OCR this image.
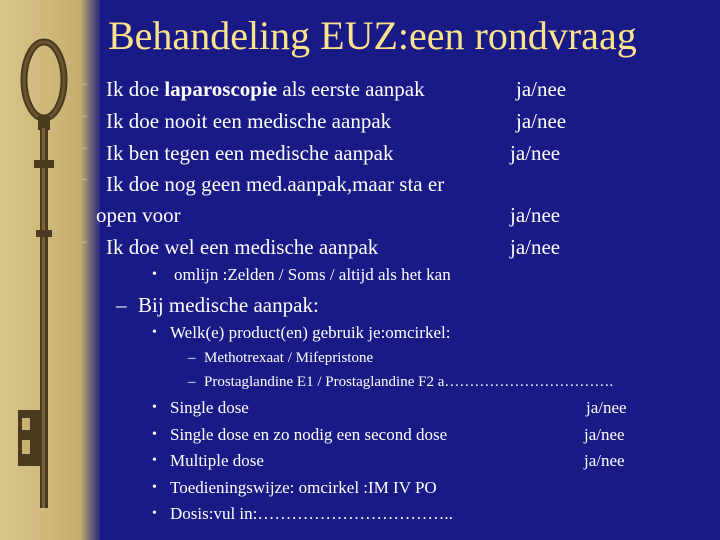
Behandeling EUZ:een rondvraag
¨ Ik doe laparoscopie als eerste aanpak	ja/nee
¨ Ik doe nooit een medische aanpak	ja/nee
¨ Ik ben tegen een medische aanpak	ja/nee
¨ Ik doe nog geen med.aanpak,maar sta er
open voor	ja/nee
¨ Ik doe wel een medische aanpak	ja/nee
• omlijn :Zelden / Soms / altijd als het kan
– Bij medische aanpak:
• Welk(e) product(en) gebruik je:omcirkel:
– Methotrexaat / Mifepristone
– Prostaglandine E1 / Prostaglandine F2 a…………………………….
• Single dose	ja/nee
• Single dose en zo nodig een second dose	ja/nee
• Multiple dose	ja/nee
• Toedieningswijze: omcirkel :IM IV PO
• Dosis:vul in:……………………………..
